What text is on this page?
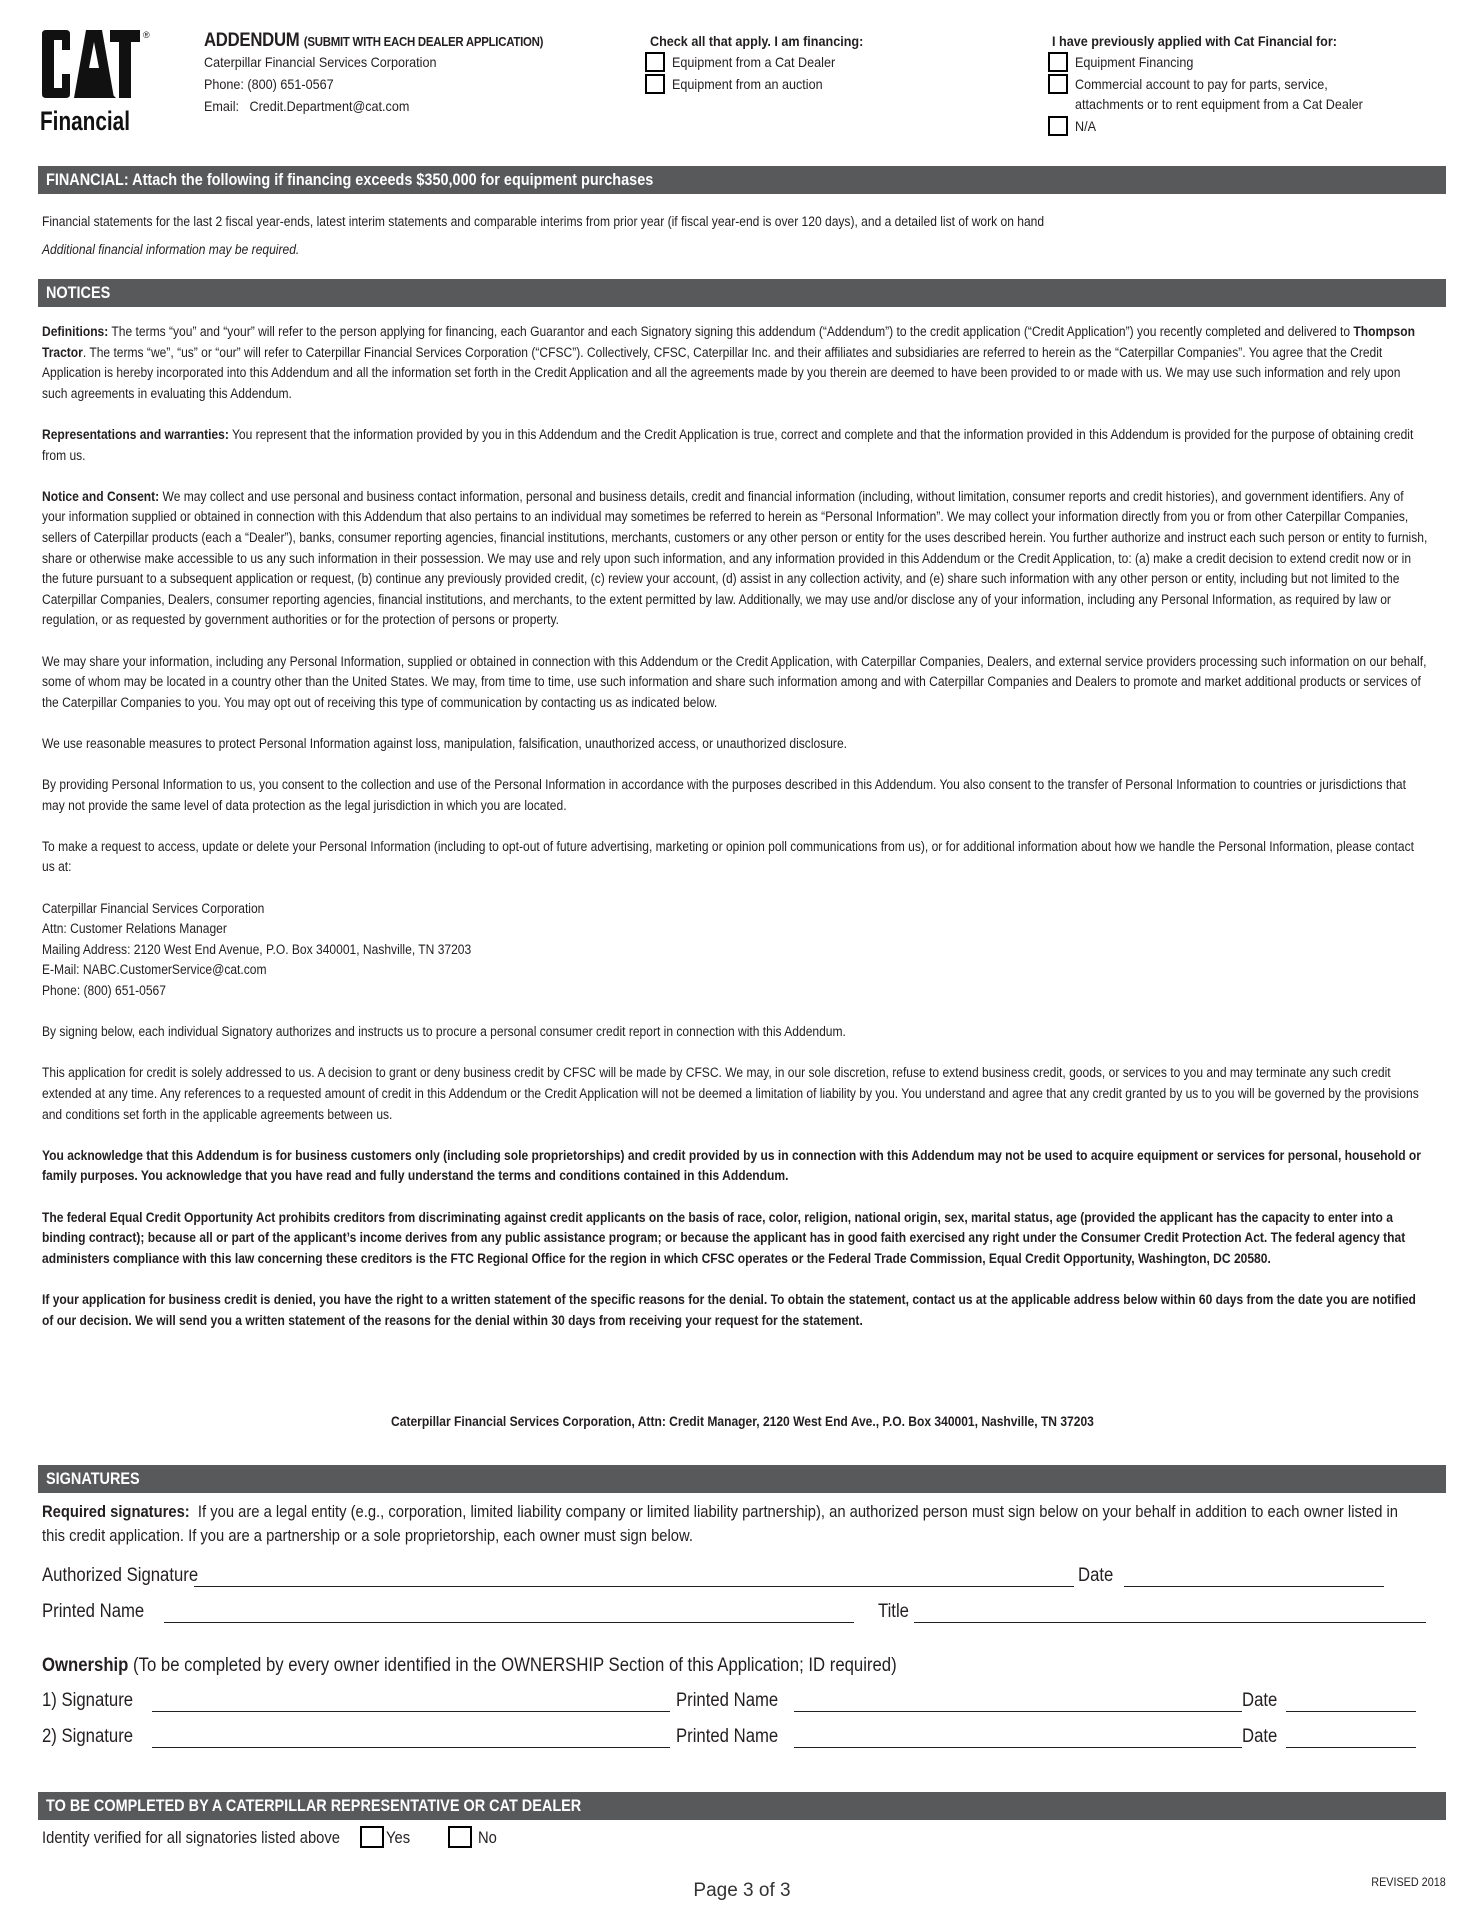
®
Financial
ADDENDUM (SUBMIT WITH EACH DEALER APPLICATION)
Caterpillar Financial Services Corporation
Phone: (800) 651-0567
Email:   Credit.Department@cat.com
Check all that apply. I am financing:
Equipment from a Cat Dealer
Equipment from an auction
I have previously applied with Cat Financial for:
Equipment Financing
Commercial account to pay for parts, service,
attachments or to rent equipment from a Cat Dealer
N/A
FINANCIAL: Attach the following if financing exceeds $350,000 for equipment purchases
Financial statements for the last 2 fiscal year-ends, latest interim statements and comparable interims from prior year (if fiscal year-end is over 120 days), and a detailed list of work on hand
Additional financial information may be required.
NOTICES

Definitions: The terms “you” and “your” will refer to the person applying for financing, each Guarantor and each Signatory signing this addendum (“Addendum”) to the credit application (“Credit Application”) you recently completed and delivered to Thompson Tractor. The terms “we”, “us” or “our” will refer to Caterpillar Financial Services Corporation (“CFSC”). Collectively, CFSC, Caterpillar Inc. and their affiliates and subsidiaries are referred to herein as the “Caterpillar Companies”. You agree that the Credit Application is hereby incorporated into this Addendum and all the information set forth in the Credit Application and all the agreements made by you therein are deemed to have been provided to or made with us. We may use such information and rely upon such agreements in evaluating this Addendum.

Representations and warranties: You represent that the information provided by you in this Addendum and the Credit Application is true, correct and complete and that the information provided in this Addendum is provided for the purpose of obtaining credit from us.

Notice and Consent: We may collect and use personal and business contact information, personal and business details, credit and financial information (including, without limitation, consumer reports and credit histories), and government identifiers. Any of your information supplied or obtained in connection with this Addendum that also pertains to an individual may sometimes be referred to herein as “Personal Information”. We may collect your information directly from you or from other Caterpillar Companies, sellers of Caterpillar products (each a “Dealer”), banks, consumer reporting agencies, financial institutions, merchants, customers or any other person or entity for the uses described herein. You further authorize and instruct each such person or entity to furnish, share or otherwise make accessible to us any such information in their possession. We may use and rely upon such information, and any information provided in this Addendum or the Credit Application, to: (a) make a credit decision to extend credit now or in the future pursuant to a subsequent application or request, (b) continue any previously provided credit, (c) review your account, (d) assist in any collection activity, and (e) share such information with any other person or entity, including but not limited to the Caterpillar Companies, Dealers, consumer reporting agencies, financial institutions, and merchants, to the extent permitted by law. Additionally, we may use and/or disclose any of your information, including any Personal Information, as required by law or regulation, or as requested by government authorities or for the protection of persons or property.

We may share your information, including any Personal Information, supplied or obtained in connection with this Addendum or the Credit Application, with Caterpillar Companies, Dealers, and external service providers processing such information on our behalf, some of whom may be located in a country other than the United States. We may, from time to time, use such information and share such information among and with Caterpillar Companies and Dealers to promote and market additional products or services of the Caterpillar Companies to you. You may opt out of receiving this type of communication by contacting us as indicated below.

We use reasonable measures to protect Personal Information against loss, manipulation, falsification, unauthorized access, or unauthorized disclosure.

By providing Personal Information to us, you consent to the collection and use of the Personal Information in accordance with the purposes described in this Addendum. You also consent to the transfer of Personal Information to countries or jurisdictions that may not provide the same level of data protection as the legal jurisdiction in which you are located.

To make a request to access, update or delete your Personal Information (including to opt-out of future advertising, marketing or opinion poll communications from us), or for additional information about how we handle the Personal Information, please contact us at:

Caterpillar Financial Services Corporation

Attn: Customer Relations Manager

Mailing Address: 2120 West End Avenue, P.O. Box 340001, Nashville, TN 37203

E-Mail: NABC.CustomerService@cat.com

Phone: (800) 651-0567

By signing below, each individual Signatory authorizes and instructs us to procure a personal consumer credit report in connection with this Addendum.

This application for credit is solely addressed to us. A decision to grant or deny business credit by CFSC will be made by CFSC. We may, in our sole discretion, refuse to extend business credit, goods, or services to you and may terminate any such credit extended at any time. Any references to a requested amount of credit in this Addendum or the Credit Application will not be deemed a limitation of liability by you. You understand and agree that any credit granted by us to you will be governed by the provisions and conditions set forth in the applicable agreements between us.

You acknowledge that this Addendum is for business customers only (including sole proprietorships) and credit provided by us in connection with this Addendum may not be used to acquire equipment or services for personal, household or family purposes. You acknowledge that you have read and fully understand the terms and conditions contained in this Addendum.

The federal Equal Credit Opportunity Act prohibits creditors from discriminating against credit applicants on the basis of race, color, religion, national origin, sex, marital status, age (provided the applicant has the capacity to enter into a binding contract); because all or part of the applicant’s income derives from any public assistance program; or because the applicant has in good faith exercised any right under the Consumer Credit Protection Act. The federal agency that administers compliance with this law concerning these creditors is the FTC Regional Office for the region in which CFSC operates or the Federal Trade Commission, Equal Credit Opportunity, Washington, DC 20580.

If your application for business credit is denied, you have the right to a written statement of the specific reasons for the denial. To obtain the statement, contact us at the applicable address below within 60 days from the date you are notified of our decision. We will send you a written statement of the reasons for the denial within 30 days from receiving your request for the statement.

Caterpillar Financial Services Corporation, Attn: Credit Manager, 2120 West End Ave., P.O. Box 340001, Nashville, TN 37203
SIGNATURES
Required signatures:  If you are a legal entity (e.g., corporation, limited liability company or limited liability partnership), an authorized person must sign below on your behalf in addition to each owner listed in this credit application. If you are a partnership or a sole proprietorship, each owner must sign below.
Authorized Signature	Date
Printed Name	Title
Ownership (To be completed by every owner identified in the OWNERSHIP Section of this Application; ID required)
1) Signature	Printed Name	Date
2) Signature	Printed Name	Date
TO BE COMPLETED BY A CATERPILLAR REPRESENTATIVE OR CAT DEALER
Identity verified for all signatories listed above	Yes	No
Page 3 of 3	REVISED 2018
